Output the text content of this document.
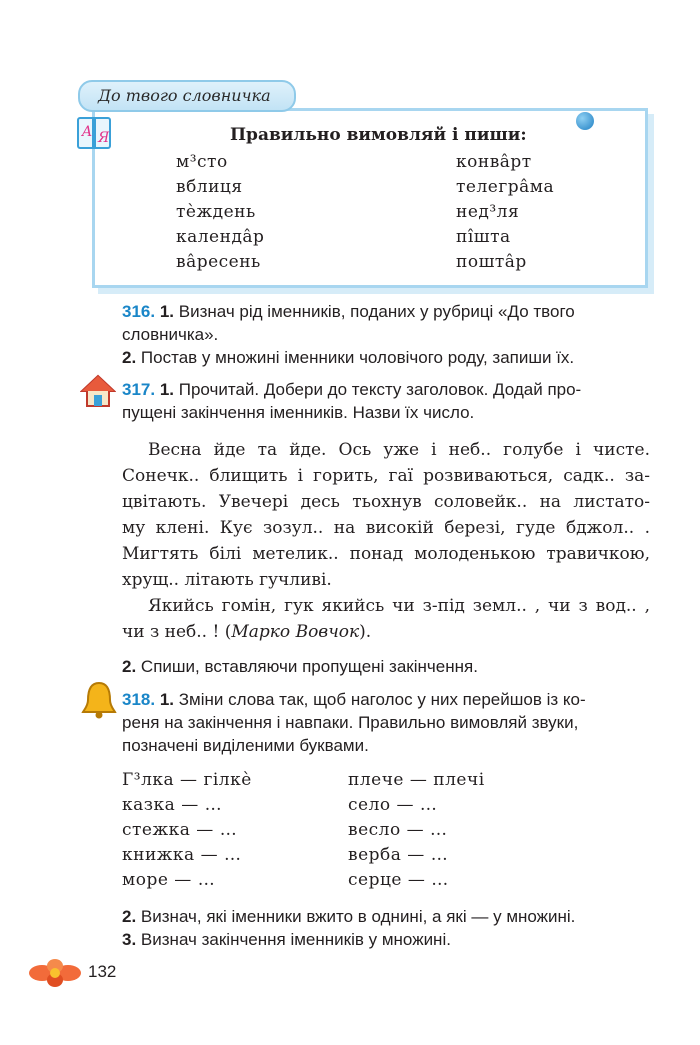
До твого словничка
A Я	Правильно вимовляй і пиши:
м³сто
вблиця
тѐждень
календа̂р
ва̂ресень
конва̂рт
телегра̂ма
нед³ля
пі̂шта
пошта̂р
316. 1. Визнач рід іменників, поданих у рубриці «До твого
словничка».
2. Постав у множині іменники чоловічого роду, запиши їх.
317. 1. Прочитай. Добери до тексту заголовок. Додай про-
пущені закінчення іменників. Назви їх число.
Весна йде та йде. Ось уже і неб.. голубе і чисте.
Сонечк.. блищить і горить, гаї розвиваються, садк.. за-
цвітають. Увечері десь тьохнув соловейк.. на листато-
му клені. Кує зозул.. на високій березі, гуде бджол.. .
Мигтять білі метелик.. понад молоденькою травичкою,
хрущ.. літають гучливі.
Якийсь гомін, гук якийсь чи з-під земл.. , чи з вод.. ,
чи з неб.. ! (Марко Вовчок).
2. Спиши, вставляючи пропущені закінчення.
318. 1. Зміни слова так, щоб наголос у них перейшов із ко-
реня на закінчення і навпаки. Правильно вимовляй звуки,
позначені виділеними буквами.
Г³лка — гілкѐ
казка — …
стежка — …
книжка — …
море — …
плече — плечі
село — …
весло — …
верба — …
серце — …
2. Визнач, які іменники вжито в однині, а які — у множині.
3. Визнач закінчення іменників у множині.
132
